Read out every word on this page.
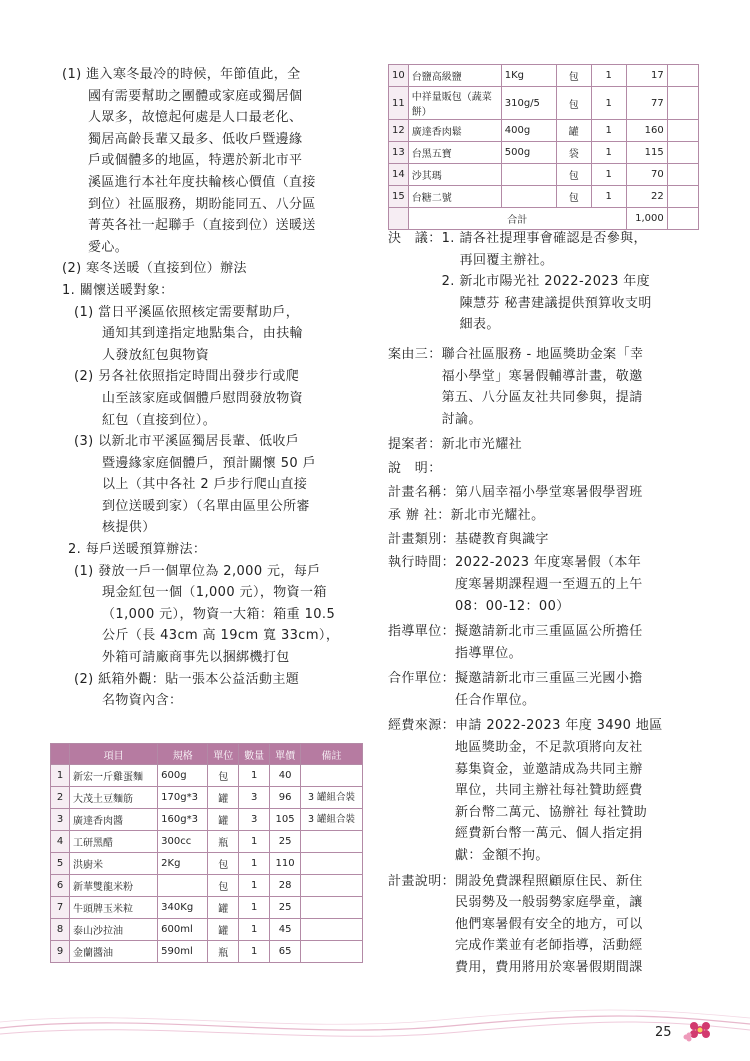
(1) 進入寒冬最冷的時候，年節值此，全

國有需要幫助之團體或家庭或獨居個

人眾多，故憶起何處是人口最老化、

獨居高齡長輩又最多、低收戶暨邊緣

戶或個體多的地區，特選於新北市平

溪區進行本社年度扶輪核心價值（直接

到位）社區服務，期盼能同五、八分區

菁英各社一起聯手（直接到位）送暖送

愛心。

(2) 寒冬送暖（直接到位）辦法

1. 關懷送暖對象：

(1) 當日平溪區依照核定需要幫助戶，

通知其到達指定地點集合，由扶輪

人發放紅包與物資

(2) 另各社依照指定時間出發步行或爬

山至該家庭或個體戶慰問發放物資

紅包（直接到位）。

(3) 以新北市平溪區獨居長輩、低收戶

暨邊緣家庭個體戶，預計關懷 50 戶

以上（其中各社 2 戶步行爬山直接

到位送暖到家）（名單由區里公所審

核提供）

2. 每戶送暖預算辦法：

(1) 發放一戶一個單位為 2,000 元，每戶

現金紅包一個（1,000 元），物資一箱

（1,000 元），物資一大箱：箱重 10.5

公斤（長 43cm 高 19cm 寬 33cm），

外箱可請廠商事先以捆綁機打包

(2) 紙箱外觀：貼一張本公益活動主題

名物資內含：

	項目	規格	單位	數量	單價	備註
1	新宏一斤雞蛋麵	600g	包	1	40	
2	大茂土豆麵筋	170g*3	罐	3	96	3 罐組合裝
3	廣達香肉醬	160g*3	罐	3	105	3 罐組合裝
4	工研黑醋	300cc	瓶	1	25	
5	洪廚米	2Kg	包	1	110	
6	新華雙龍米粉		包	1	28	
7	牛頭牌玉米粒	340Kg	罐	1	25	
8	泰山沙拉油	600ml	罐	1	45	
9	金蘭醬油	590ml	瓶	1	65	
10	台鹽高級鹽	1Kg	包	1	17	
11	中祥量販包（蔬菜餅）	310g/5	包	1	77	
12	廣達香肉鬆	400g	罐	1	160	
13	台黑五寶	500g	袋	1	115	
14	沙其瑪		包	1	70	
15	台糖二號		包	1	22	
	合計				1,000	
決　議： 1. 請各社提理事會確認是否參與，
再回覆主辦社。
2. 新北市陽光社 2022-2023 年度
陳慧芬 秘書建議提供預算收支明
細表。
案由三： 聯合社區服務 - 地區獎助金案「幸
福小學堂」寒暑假輔導計畫，敬邀
第五、八分區友社共同參與，提請
討論。
提案者： 新北市光耀社
說　明：
計畫名稱： 第八屆幸福小學堂寒暑假學習班
承 辦 社： 新北市光耀社。
計畫類別： 基礎教育與識字
執行時間： 2022-2023 年度寒暑假（本年
度寒暑期課程週一至週五的上午
08：00-12：00）
指導單位： 擬邀請新北市三重區區公所擔任
指導單位。
合作單位： 擬邀請新北市三重區三光國小擔
任合作單位。
經費來源： 申請 2022-2023 年度 3490 地區
地區獎助金，不足款項將向友社
募集資金，並邀請成為共同主辦
單位，共同主辦社每社贊助經費
新台幣二萬元、協辦社 每社贊助
經費新台幣一萬元、個人指定捐
獻：金額不拘。
計畫說明： 開設免費課程照顧原住民、新住
民弱勢及一般弱勢家庭學童，讓
他們寒暑假有安全的地方，可以
完成作業並有老師指導，活動經
費用，費用將用於寒暑假期間課
25
